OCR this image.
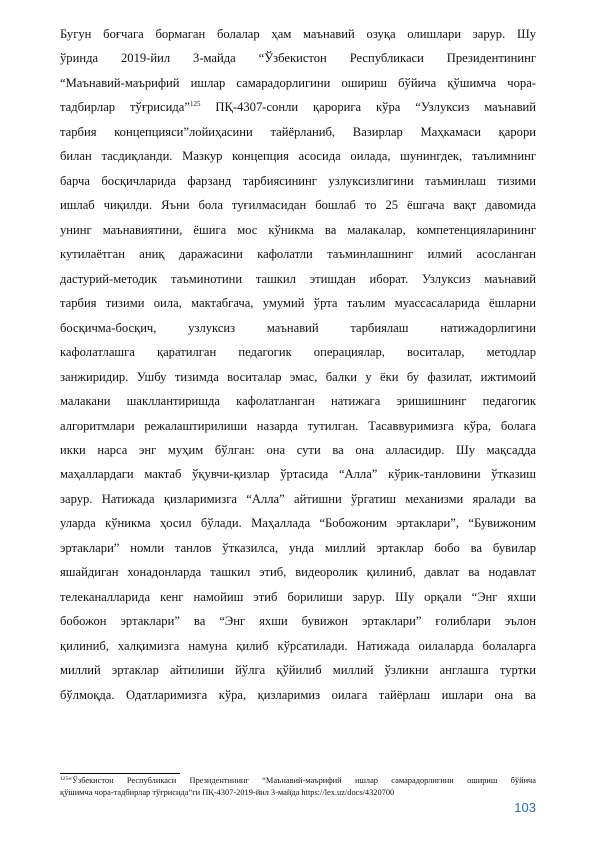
Бугун боғчага бормаган болалар ҳам маънавий озуқа олишлари зарур. Шу
ўринда 2019-йил 3-майда “Ўзбекистон Республикаси Президентининг
“Маънавий-маърифий ишлар самарадорлигини ошириш бўйича қўшимча чора-
тадбирлар тўғрисида”$^{125}$ ПҚ-4307-сонли қарорига кўра “Узлуксиз маънавий
тарбия концепцияси”лойиҳасини тайёрланиб, Вазирлар Маҳкамаси қарори
билан тасдиқланди. Мазкур концепция асосида оилада, шунингдек, таълимнинг
барча босқичларида фарзанд тарбиясининг узлуксизлигини таъминлаш тизими
ишлаб чиқилди. Яъни бола туғилмасидан бошлаб то 25 ёшгача вақт давомида
унинг маънавиятини, ёшига мос кўникма ва малакалар, компетенцияларининг
кутилаётган аниқ даражасини кафолатли таъминлашнинг илмий асосланган
дастурий-методик таъминотини ташкил этишдан иборат. Узлуксиз маънавий
тарбия тизими оила, мактабгача, умумий ўрта таълим муассасаларида ёшларни
босқичма-босқич, узлуксиз маънавий тарбиялаш натижадорлигини
кафолатлашга қаратилган педагогик операциялар, воситалар, методлар
занжиридир. Ушбу тизимда воситалар эмас, балки у ёки бу фазилат, ижтимоий
малакани шакллантиришда кафолатланган натижага эришишнинг педагогик
алгоритмлари режалаштирилиши назарда тутилган. Тасаввуримизга кўра, болага
икки нарса энг муҳим бўлган: она сути ва она алласидир. Шу мақсадда
маҳаллардаги мактаб ўқувчи-қизлар ўртасида “Алла” кўрик-танловини ўтказиш
зарур. Натижада қизларимизга “Алла” айтишни ўргатиш механизми яралади ва
уларда кўникма ҳосил бўлади. Маҳаллада “Бобожоним эртаклари”, “Бувижоним
эртаклари” номли танлов ўтказилса, унда миллий эртаклар бобо ва бувилар
яшайдиган хонадонларда ташкил этиб, видеоролик қилиниб, давлат ва нодавлат
телеканалларида кенг намойиш этиб борилиши зарур. Шу орқали “Энг яхши
бобожон эртаклари” ва “Энг яхши бувижон эртаклари” ғолиблари эълон
қилиниб, халқимизга намуна қилиб кўрсатилади. Натижада оилаларда болаларга
миллий эртаклар айтилиши йўлга қўйилиб миллий ўзликни англашга туртки
бўлмоқда. Одатларимизга кўра, қизларимиз оилага тайёрлаш ишлари она ва
$^{125}$“Ўзбекистон Республикаси Президентининг “Маънавий-маърифий ишлар самарадорлигини ошириш бўйича
қўшимча чора-тадбирлар тўғрисида”ги ПҚ-4307-2019-йил 3-майда https://lex.uz/docs/4320700
103
